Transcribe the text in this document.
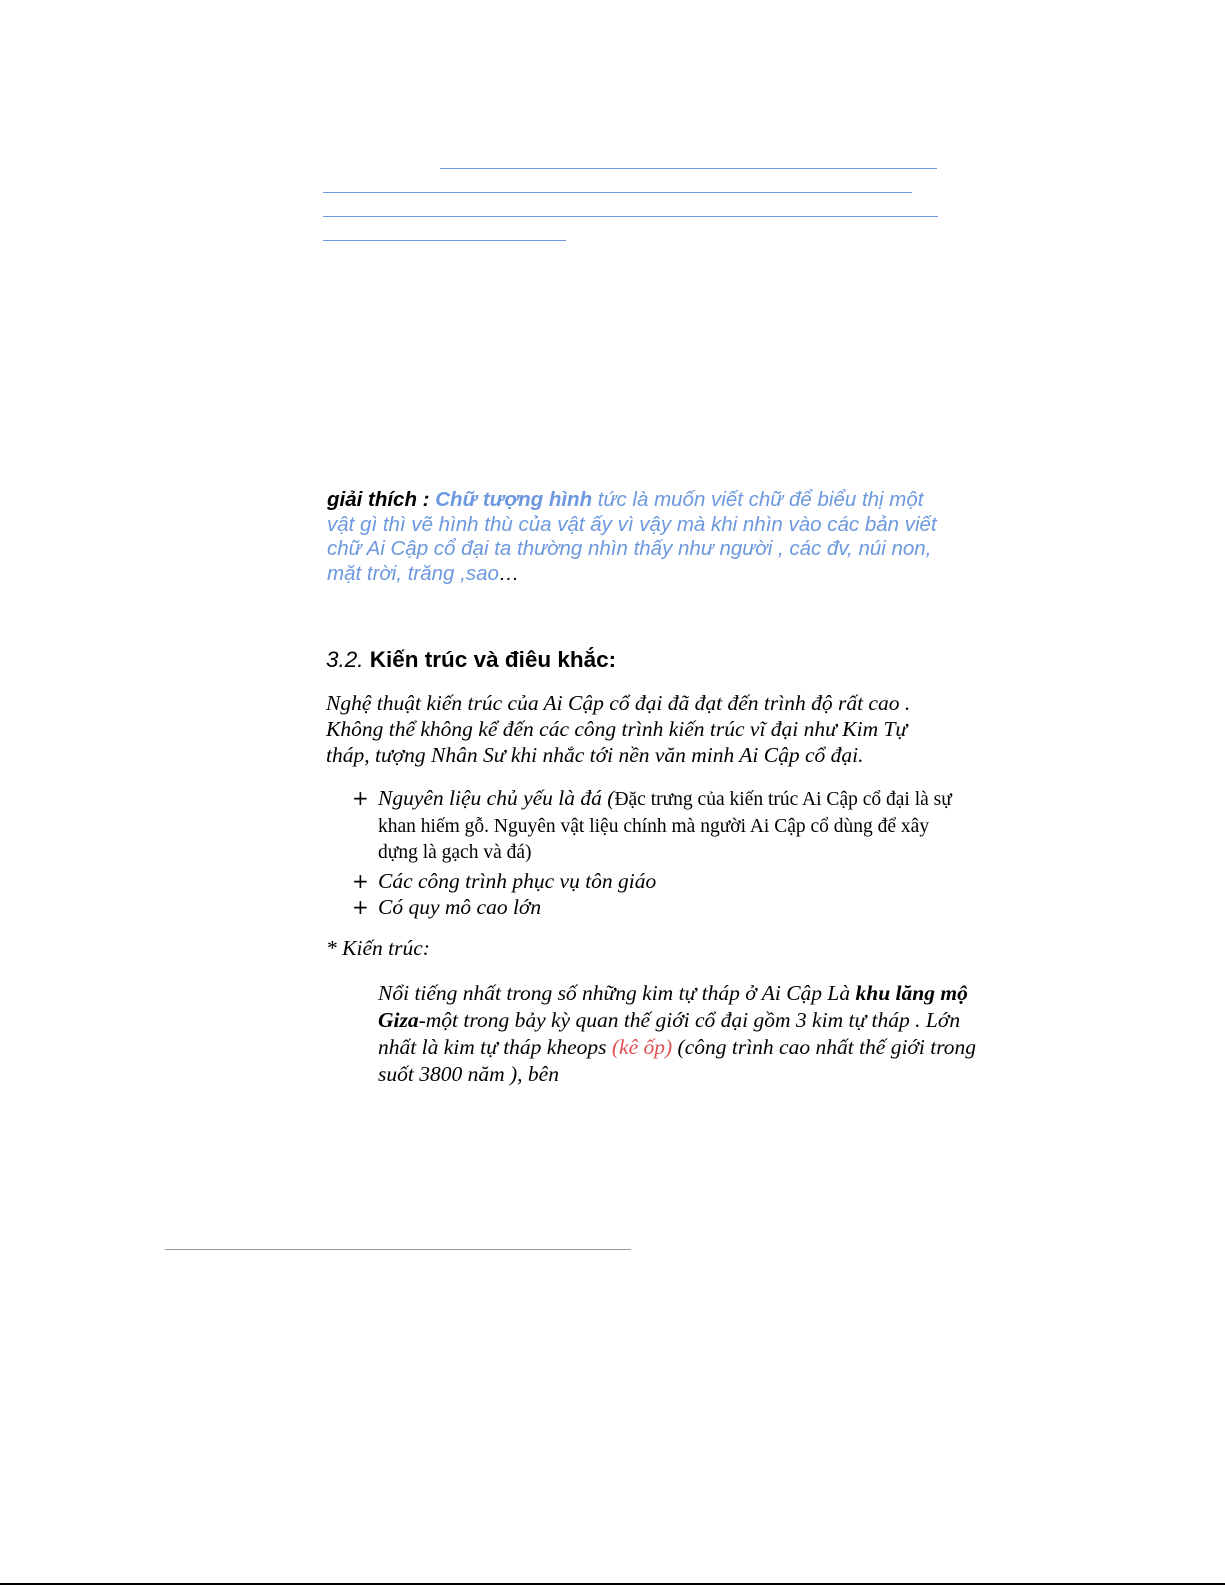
giải thích : Chữ tượng hình tức là muốn viết chữ để biểu thị một vật gì thì vẽ hình thù của vật ấy vì vậy mà khi nhìn vào các bản viết chữ Ai Cập cổ đại ta thường nhìn thấy như người , các đv, núi non, mặt trời, trăng ,sao…
3.2. Kiến trúc và điêu khắc:
Nghệ thuật kiến trúc của Ai Cập cổ đại đã đạt đến trình độ rất cao . Không thể không kể đến các công trình kiến trúc vĩ đại như Kim Tự tháp, tượng Nhân Sư khi nhắc tới nền văn minh Ai Cập cổ đại.
+ Nguyên liệu chủ yếu là đá (Đặc trưng của kiến trúc Ai Cập cổ đại là sự khan hiếm gỗ. Nguyên vật liệu chính mà người Ai Cập cổ dùng để xây dựng là gạch và đá)
+ Các công trình phục vụ tôn giáo
+ Có quy mô cao lớn
* Kiến trúc:
Nổi tiếng nhất trong số những kim tự tháp ở Ai Cập Là khu lăng mộ Giza-một trong bảy kỳ quan thế giới cổ đại gồm 3 kim tự tháp . Lớn nhất là kim tự tháp kheops (kê ốp) (công trình cao nhất thế giới trong suốt 3800 năm ), bên
